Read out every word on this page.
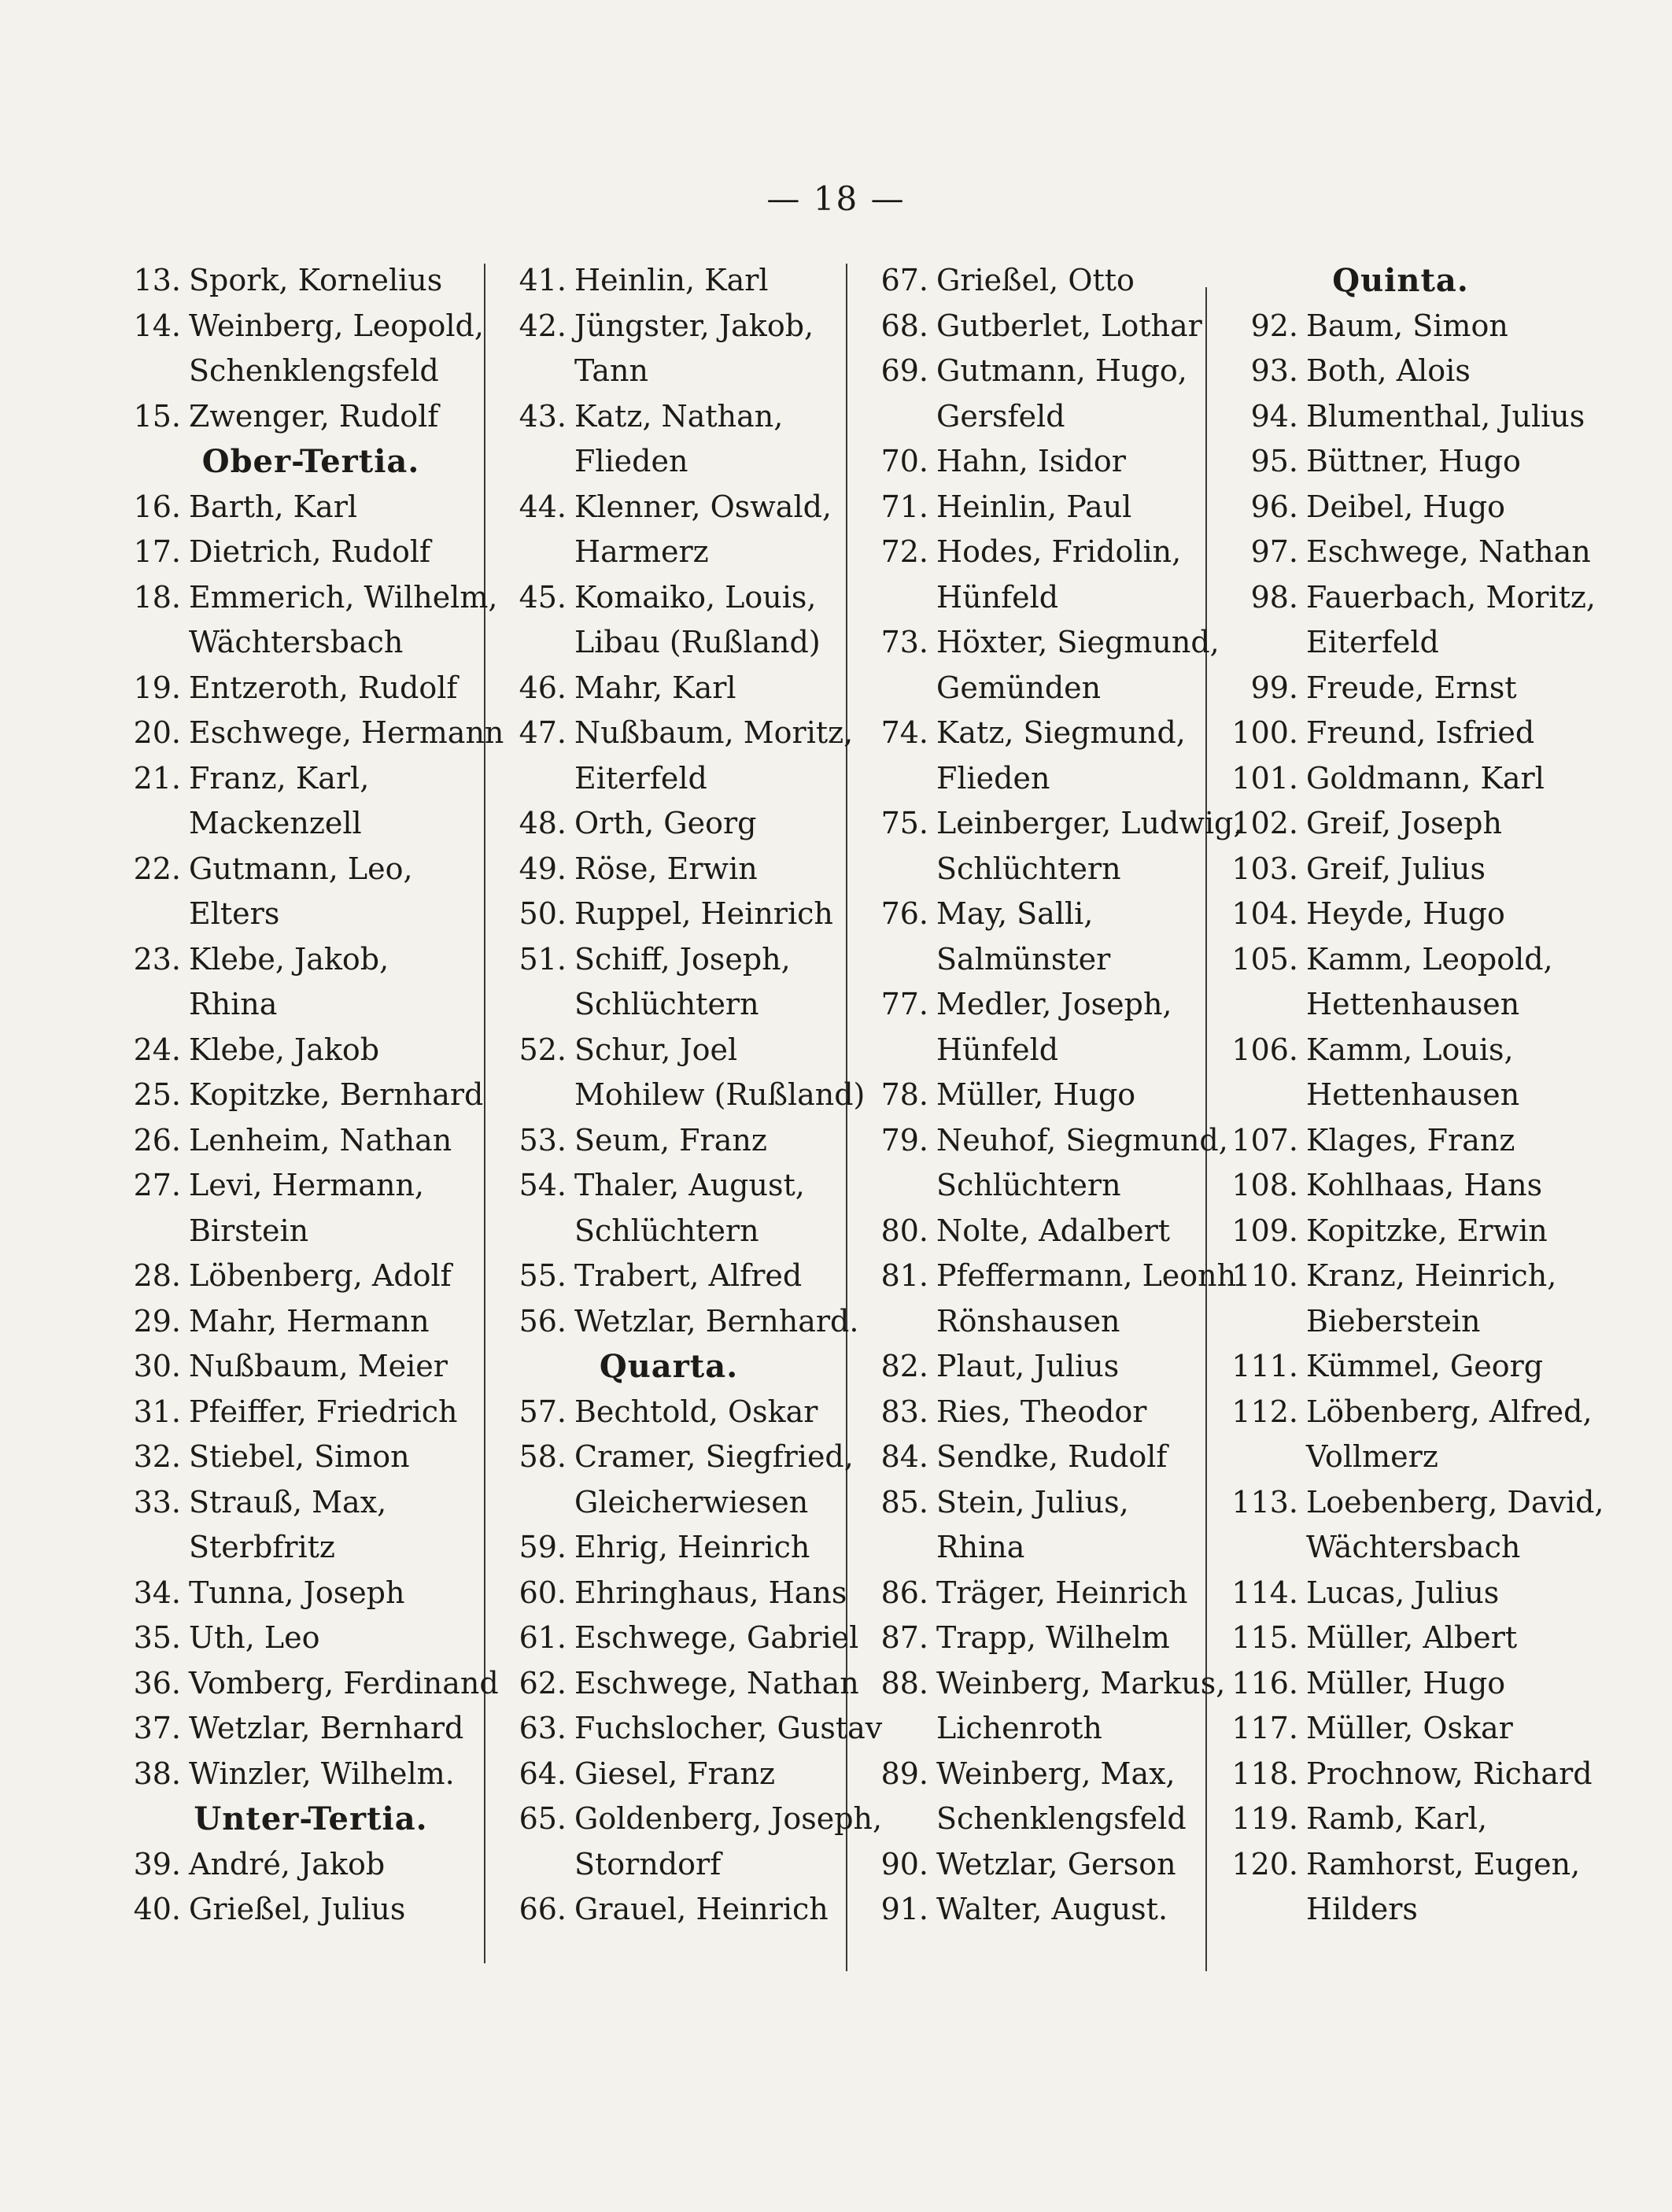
— 18 —
13. Spork, Kornelius
14. Weinberg, Leopold,
Schenklengsfeld
15. Zwenger, Rudolf
Ober-Tertia.
16. Barth, Karl
17. Dietrich, Rudolf
18. Emmerich, Wilhelm,
Wächtersbach
19. Entzeroth, Rudolf
20. Eschwege, Hermann
21. Franz, Karl,
Mackenzell
22. Gutmann, Leo,
Elters
23. Klebe, Jakob,
Rhina
24. Klebe, Jakob
25. Kopitzke, Bernhard
26. Lenheim, Nathan
27. Levi, Hermann,
Birstein
28. Löbenberg, Adolf
29. Mahr, Hermann
30. Nußbaum, Meier
31. Pfeiffer, Friedrich
32. Stiebel, Simon
33. Strauß, Max,
Sterbfritz
34. Tunna, Joseph
35. Uth, Leo
36. Vomberg, Ferdinand
37. Wetzlar, Bernhard
38. Winzler, Wilhelm.
Unter-Tertia.
39. André, Jakob
40. Grießel, Julius
41. Heinlin, Karl
42. Jüngster, Jakob,
Tann
43. Katz, Nathan,
Flieden
44. Klenner, Oswald,
Harmerz
45. Komaiko, Louis,
Libau (Rußland)
46. Mahr, Karl
47. Nußbaum, Moritz,
Eiterfeld
48. Orth, Georg
49. Röse, Erwin
50. Ruppel, Heinrich
51. Schiff, Joseph,
Schlüchtern
52. Schur, Joel
Mohilew (Rußland)
53. Seum, Franz
54. Thaler, August,
Schlüchtern
55. Trabert, Alfred
56. Wetzlar, Bernhard.
Quarta.
57. Bechtold, Oskar
58. Cramer, Siegfried,
Gleicherwiesen
59. Ehrig, Heinrich
60. Ehringhaus, Hans
61. Eschwege, Gabriel
62. Eschwege, Nathan
63. Fuchslocher, Gustav
64. Giesel, Franz
65. Goldenberg, Joseph,
Storndorf
66. Grauel, Heinrich
67. Grießel, Otto
68. Gutberlet, Lothar
69. Gutmann, Hugo,
Gersfeld
70. Hahn, Isidor
71. Heinlin, Paul
72. Hodes, Fridolin,
Hünfeld
73. Höxter, Siegmund,
Gemünden
74. Katz, Siegmund,
Flieden
75. Leinberger, Ludwig,
Schlüchtern
76. May, Salli,
Salmünster
77. Medler, Joseph,
Hünfeld
78. Müller, Hugo
79. Neuhof, Siegmund,
Schlüchtern
80. Nolte, Adalbert
81. Pfeffermann, Leonh.
Rönshausen
82. Plaut, Julius
83. Ries, Theodor
84. Sendke, Rudolf
85. Stein, Julius,
Rhina
86. Träger, Heinrich
87. Trapp, Wilhelm
88. Weinberg, Markus,
Lichenroth
89. Weinberg, Max,
Schenklengsfeld
90. Wetzlar, Gerson
91. Walter, August.
Quinta.
92. Baum, Simon
93. Both, Alois
94. Blumenthal, Julius
95. Büttner, Hugo
96. Deibel, Hugo
97. Eschwege, Nathan
98. Fauerbach, Moritz,
Eiterfeld
99. Freude, Ernst
100. Freund, Isfried
101. Goldmann, Karl
102. Greif, Joseph
103. Greif, Julius
104. Heyde, Hugo
105. Kamm, Leopold,
Hettenhausen
106. Kamm, Louis,
Hettenhausen
107. Klages, Franz
108. Kohlhaas, Hans
109. Kopitzke, Erwin
110. Kranz, Heinrich,
Bieberstein
111. Kümmel, Georg
112. Löbenberg, Alfred,
Vollmerz
113. Loebenberg, David,
Wächtersbach
114. Lucas, Julius
115. Müller, Albert
116. Müller, Hugo
117. Müller, Oskar
118. Prochnow, Richard
119. Ramb, Karl,
120. Ramhorst, Eugen,
Hilders
